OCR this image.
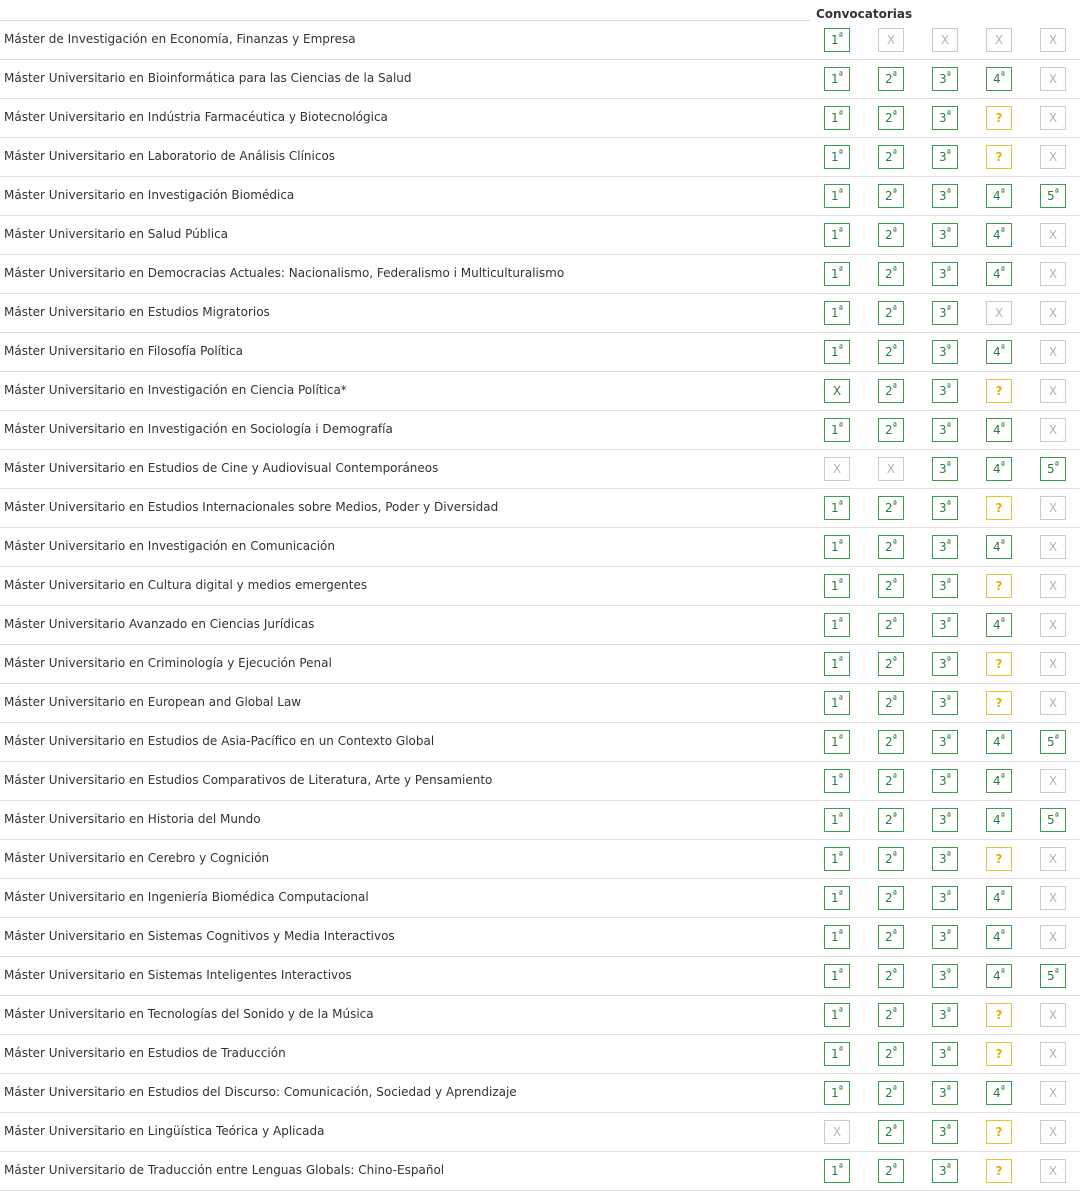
	Convocatorias				
Máster de Investigación en Economía, Finanzas y Empresa	$1^ª$	X	X	X	X
Máster Universitario en Bioinformática para las Ciencias de la Salud	$1^ª$	$2^ª$	$3^ª$	$4^ª$	X
Máster Universitario en Indústria Farmacéutica y Biotecnológica	$1^ª$	$2^ª$	$3^ª$	?	X
Máster Universitario en Laboratorio de Análisis Clínicos	$1^ª$	$2^ª$	$3^ª$	?	X
Máster Universitario en Investigación Biomédica	$1^ª$	$2^ª$	$3^ª$	$4^ª$	$5^ª$
Máster Universitario en Salud Pública	$1^ª$	$2^ª$	$3^ª$	$4^ª$	X
Máster Universitario en Democracias Actuales: Nacionalismo, Federalismo i Multiculturalismo	$1^ª$	$2^ª$	$3^ª$	$4^ª$	X
Máster Universitario en Estudios Migratorios	$1^ª$	$2^ª$	$3^ª$	X	X
Máster Universitario en Filosofía Política	$1^ª$	$2^ª$	$3^ª$	$4^ª$	X
Máster Universitario en Investigación en Ciencia Política*	X	$2^ª$	$3^ª$	?	X
Máster Universitario en Investigación en Sociología i Demografía	$1^ª$	$2^ª$	$3^ª$	$4^ª$	X
Máster Universitario en Estudios de Cine y Audiovisual Contemporáneos	X	X	$3^ª$	$4^ª$	$5^ª$
Máster Universitario en Estudios Internacionales sobre Medios, Poder y Diversidad	$1^ª$	$2^ª$	$3^ª$	?	X
Máster Universitario en Investigación en Comunicación	$1^ª$	$2^ª$	$3^ª$	$4^ª$	X
Máster Universitario en Cultura digital y medios emergentes	$1^ª$	$2^ª$	$3^ª$	?	X
Máster Universitario Avanzado en Ciencias Jurídicas	$1^ª$	$2^ª$	$3^ª$	$4^ª$	X
Máster Universitario en Criminología y Ejecución Penal	$1^ª$	$2^ª$	$3^ª$	?	X
Máster Universitario en European and Global Law	$1^ª$	$2^ª$	$3^ª$	?	X
Máster Universitario en Estudios de Asia-Pacífico en un Contexto Global	$1^ª$	$2^ª$	$3^ª$	$4^ª$	$5^ª$
Máster Universitario en Estudios Comparativos de Literatura, Arte y Pensamiento	$1^ª$	$2^ª$	$3^ª$	$4^ª$	X
Máster Universitario en Historia del Mundo	$1^ª$	$2^ª$	$3^ª$	$4^ª$	$5^ª$
Máster Universitario en Cerebro y Cognición	$1^ª$	$2^ª$	$3^ª$	?	X
Máster Universitario en Ingeniería Biomédica Computacional	$1^ª$	$2^ª$	$3^ª$	$4^ª$	X
Máster Universitario en Sistemas Cognitivos y Media Interactivos	$1^ª$	$2^ª$	$3^ª$	$4^ª$	X
Máster Universitario en Sistemas Inteligentes Interactivos	$1^ª$	$2^ª$	$3^ª$	$4^ª$	$5^ª$
Máster Universitario en Tecnologías del Sonido y de la Música	$1^ª$	$2^ª$	$3^ª$	?	X
Máster Universitario en Estudios de Traducción	$1^ª$	$2^ª$	$3^ª$	?	X
Máster Universitario en Estudios del Discurso: Comunicación, Sociedad y Aprendizaje	$1^ª$	$2^ª$	$3^ª$	$4^ª$	X
Máster Universitario en Lingüística Teórica y Aplicada	X	$2^ª$	$3^ª$	?	X
Máster Universitario de Traducción entre Lenguas Globals: Chino-Español	$1^ª$	$2^ª$	$3^ª$	?	X
